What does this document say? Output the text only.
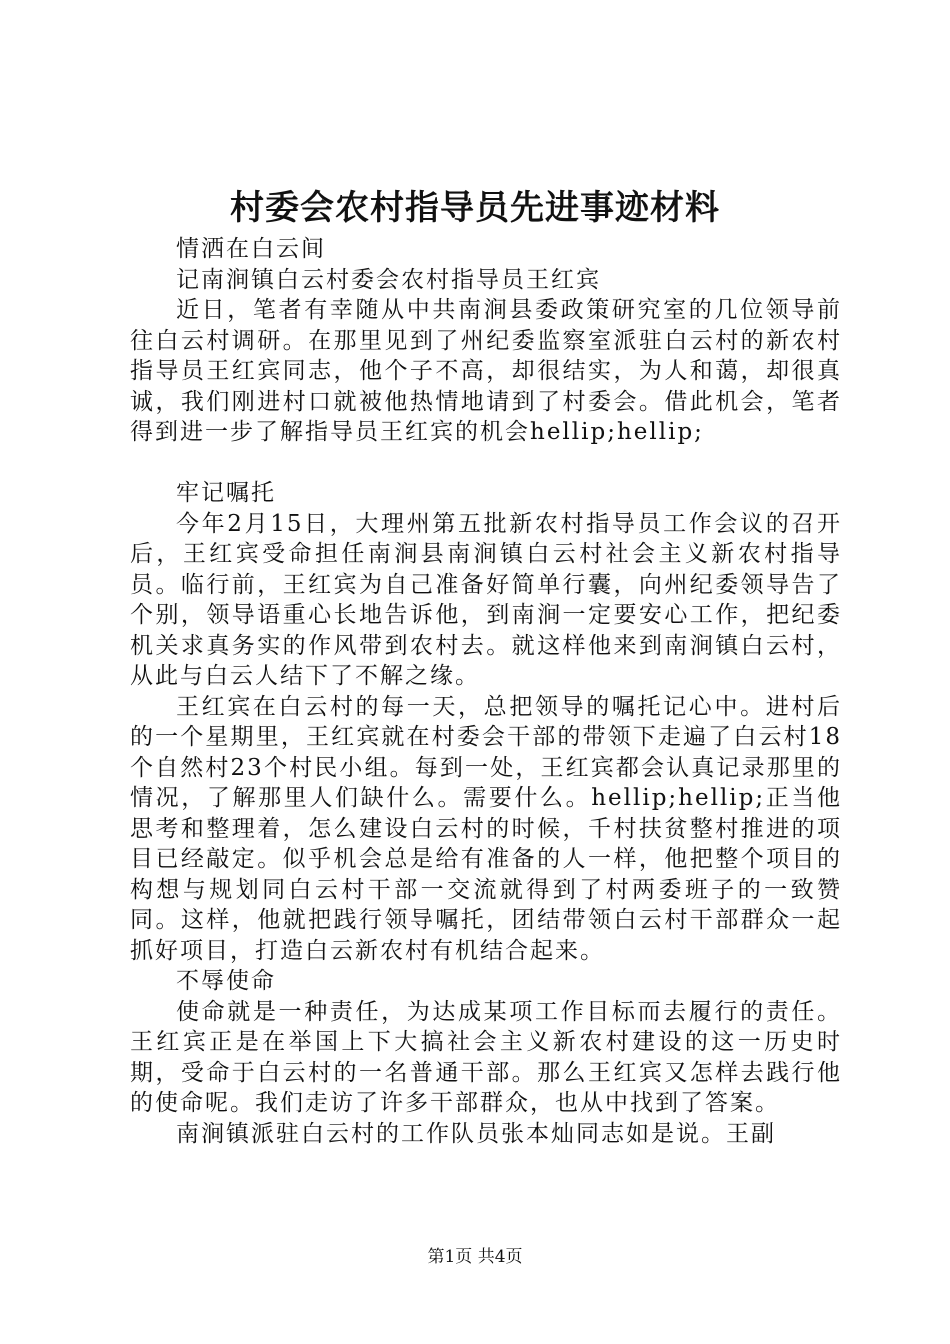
村委会农村指导员先进事迹材料

情洒在白云间

记南涧镇白云村委会农村指导员王红宾

近日，笔者有幸随从中共南涧县委政策研究室的几位领导前往白云村调研。在那里见到了州纪委监察室派驻白云村的新农村指导员王红宾同志，他个子不高，却很结实，为人和蔼，却很真诚，我们刚进村口就被他热情地请到了村委会。借此机会，笔者得到进一步了解指导员王红宾的机会hellip;hellip;

牢记嘱托

今年2月15日，大理州第五批新农村指导员工作会议的召开后，王红宾受命担任南涧县南涧镇白云村社会主义新农村指导员。临行前，王红宾为自己准备好简单行囊，向州纪委领导告了个别，领导语重心长地告诉他，到南涧一定要安心工作，把纪委机关求真务实的作风带到农村去。就这样他来到南涧镇白云村，从此与白云人结下了不解之缘。

王红宾在白云村的每一天，总把领导的嘱托记心中。进村后的一个星期里，王红宾就在村委会干部的带领下走遍了白云村18个自然村23个村民小组。每到一处，王红宾都会认真记录那里的情况，了解那里人们缺什么。需要什么。hellip;hellip;正当他思考和整理着，怎么建设白云村的时候，千村扶贫整村推进的项目已经敲定。似乎机会总是给有准备的人一样，他把整个项目的构想与规划同白云村干部一交流就得到了村两委班子的一致赞同。这样，他就把践行领导嘱托，团结带领白云村干部群众一起抓好项目，打造白云新农村有机结合起来。

不辱使命

使命就是一种责任，为达成某项工作目标而去履行的责任。王红宾正是在举国上下大搞社会主义新农村建设的这一历史时期，受命于白云村的一名普通干部。那么王红宾又怎样去践行他的使命呢。我们走访了许多干部群众，也从中找到了答案。

南涧镇派驻白云村的工作队员张本灿同志如是说。王副

第1页 共4页
